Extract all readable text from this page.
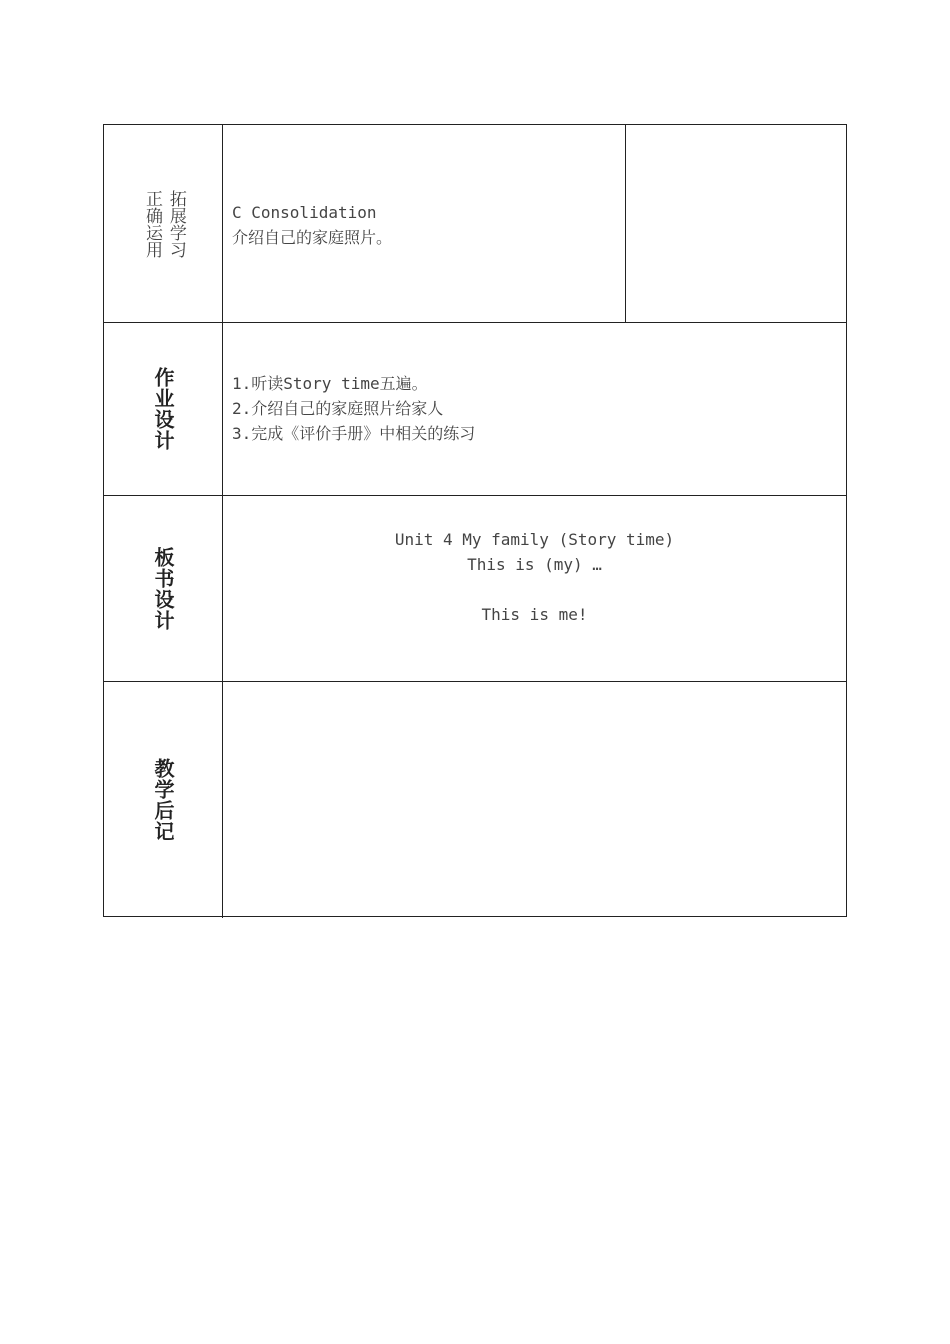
拓展学习
正确运用	C Consolidation
介绍自己的家庭照片。
作业设计	1.听读Story time五遍。
2.介绍自己的家庭照片给家人
3.完成《评价手册》中相关的练习
板书设计
Unit 4 My family (Story time)
This is (my) …
This is me!
教学后记
